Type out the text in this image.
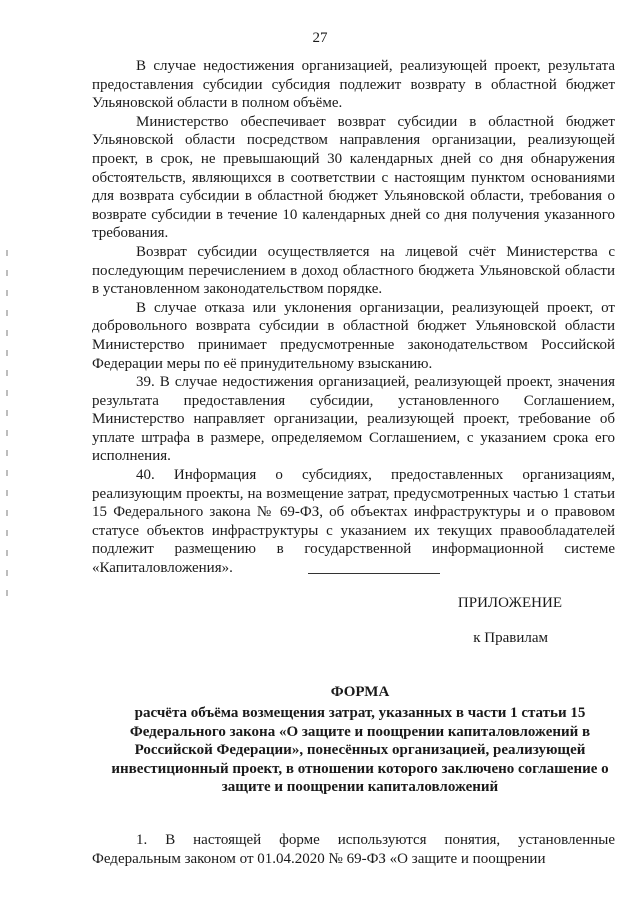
27

В случае недостижения организацией, реализующей проект, результата предоставления субсидии субсидия подлежит возврату в областной бюджет Ульяновской области в полном объёме.

Министерство обеспечивает возврат субсидии в областной бюджет Ульяновской области посредством направления организации, реализующей проект, в срок, не превышающий 30 календарных дней со дня обнаружения обстоятельств, являющихся в соответствии с настоящим пунктом основаниями для возврата субсидии в областной бюджет Ульяновской области, требования о возврате субсидии в течение 10 календарных дней со дня получения указанного требования.

Возврат субсидии осуществляется на лицевой счёт Министерства с последующим перечислением в доход областного бюджета Ульяновской области в установленном законодательством порядке.

В случае отказа или уклонения организации, реализующей проект, от добровольного возврата субсидии в областной бюджет Ульяновской области Министерство принимает предусмотренные законодательством Российской Федерации меры по её принудительному взысканию.

39. В случае недостижения организацией, реализующей проект, значения результата предоставления субсидии, установленного Соглашением, Министерство направляет организации, реализующей проект, требование об уплате штрафа в размере, определяемом Соглашением, с указанием срока его исполнения.

40. Информация о субсидиях, предоставленных организациям, реализующим проекты, на возмещение затрат, предусмотренных частью 1 статьи 15 Федерального закона № 69-ФЗ, об объектах инфраструктуры и о правовом статусе объектов инфраструктуры с указанием их текущих правообладателей подлежит размещению в государственной информационной системе «Капиталовложения».

ПРИЛОЖЕНИЕ
к Правилам
ФОРМА
расчёта объёма возмещения затрат, указанных в части 1 статьи 15 Федерального закона «О защите и поощрении капиталовложений в Российской Федерации», понесённых организацией, реализующей инвестиционный проект, в отношении которого заключено соглашение о защите и поощрении капиталовложений

1. В настоящей форме используются понятия, установленные Федеральным законом от 01.04.2020 № 69-ФЗ «О защите и поощрении
